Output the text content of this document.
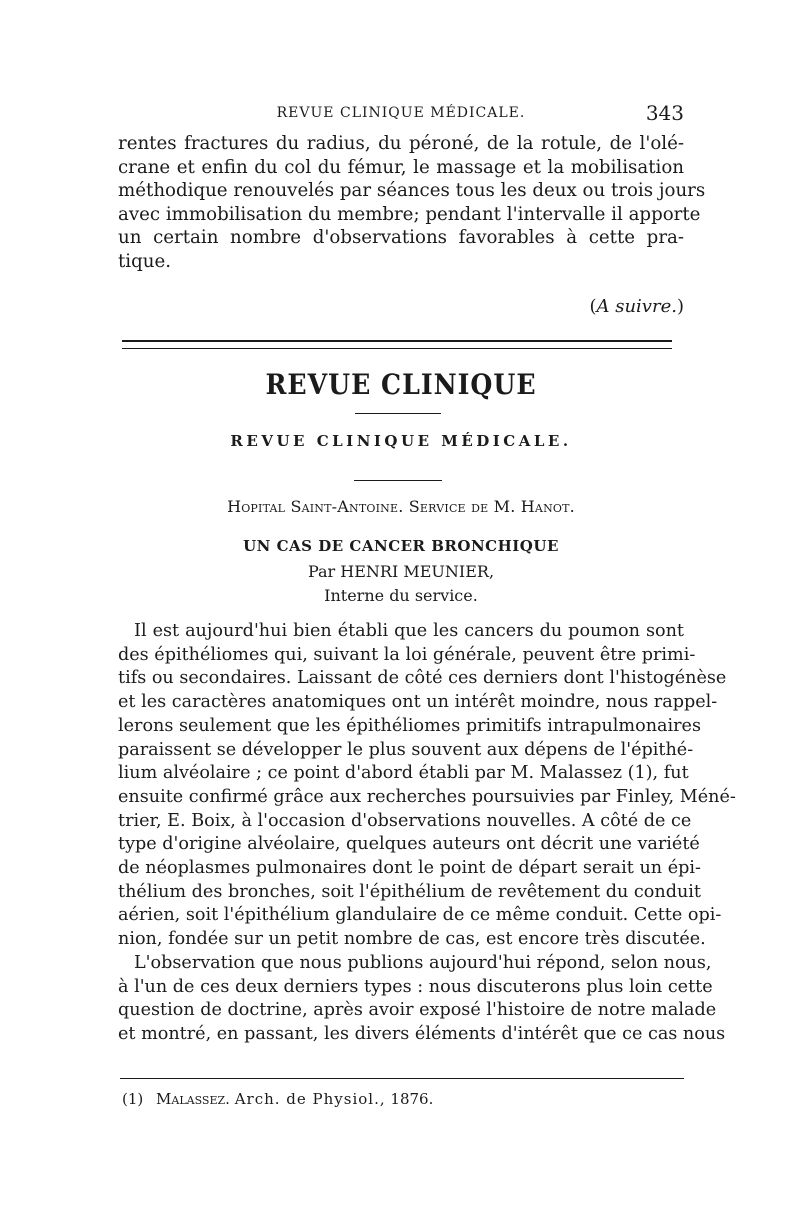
REVUE CLINIQUE MÉDICALE.	343

rentes fractures du radius, du péroné, de la rotule, de l'olé-
crane et enfin du col du fémur, le massage et la mobilisation
méthodique renouvelés par séances tous les deux ou trois jours
avec immobilisation du membre; pendant l'intervalle il apporte
un certain nombre d'observations favorables à cette pra-
tique.

(A suivre.)
REVUE CLINIQUE
REVUE CLINIQUE MÉDICALE.
Hopital Saint-Antoine. Service de M. Hanot.
UN CAS DE CANCER BRONCHIQUE
Par HENRI MEUNIER,
Interne du service.

Il est aujourd'hui bien établi que les cancers du poumon sont
des épithéliomes qui, suivant la loi générale, peuvent être primi-
tifs ou secondaires. Laissant de côté ces derniers dont l'histogénèse
et les caractères anatomiques ont un intérêt moindre, nous rappel-
lerons seulement que les épithéliomes primitifs intrapulmonaires
paraissent se développer le plus souvent aux dépens de l'épithé-
lium alvéolaire ; ce point d'abord établi par M. Malassez (1), fut
ensuite confirmé grâce aux recherches poursuivies par Finley, Méné-
trier, E. Boix, à l'occasion d'observations nouvelles. A côté de ce
type d'origine alvéolaire, quelques auteurs ont décrit une variété
de néoplasmes pulmonaires dont le point de départ serait un épi-
thélium des bronches, soit l'épithélium de revêtement du conduit
aérien, soit l'épithélium glandulaire de ce même conduit. Cette opi-
nion, fondée sur un petit nombre de cas, est encore très discutée.

L'observation que nous publions aujourd'hui répond, selon nous,
à l'un de ces deux derniers types : nous discuterons plus loin cette
question de doctrine, après avoir exposé l'histoire de notre malade
et montré, en passant, les divers éléments d'intérêt que ce cas nous

(1) Malassez. Arch. de Physiol., 1876.
